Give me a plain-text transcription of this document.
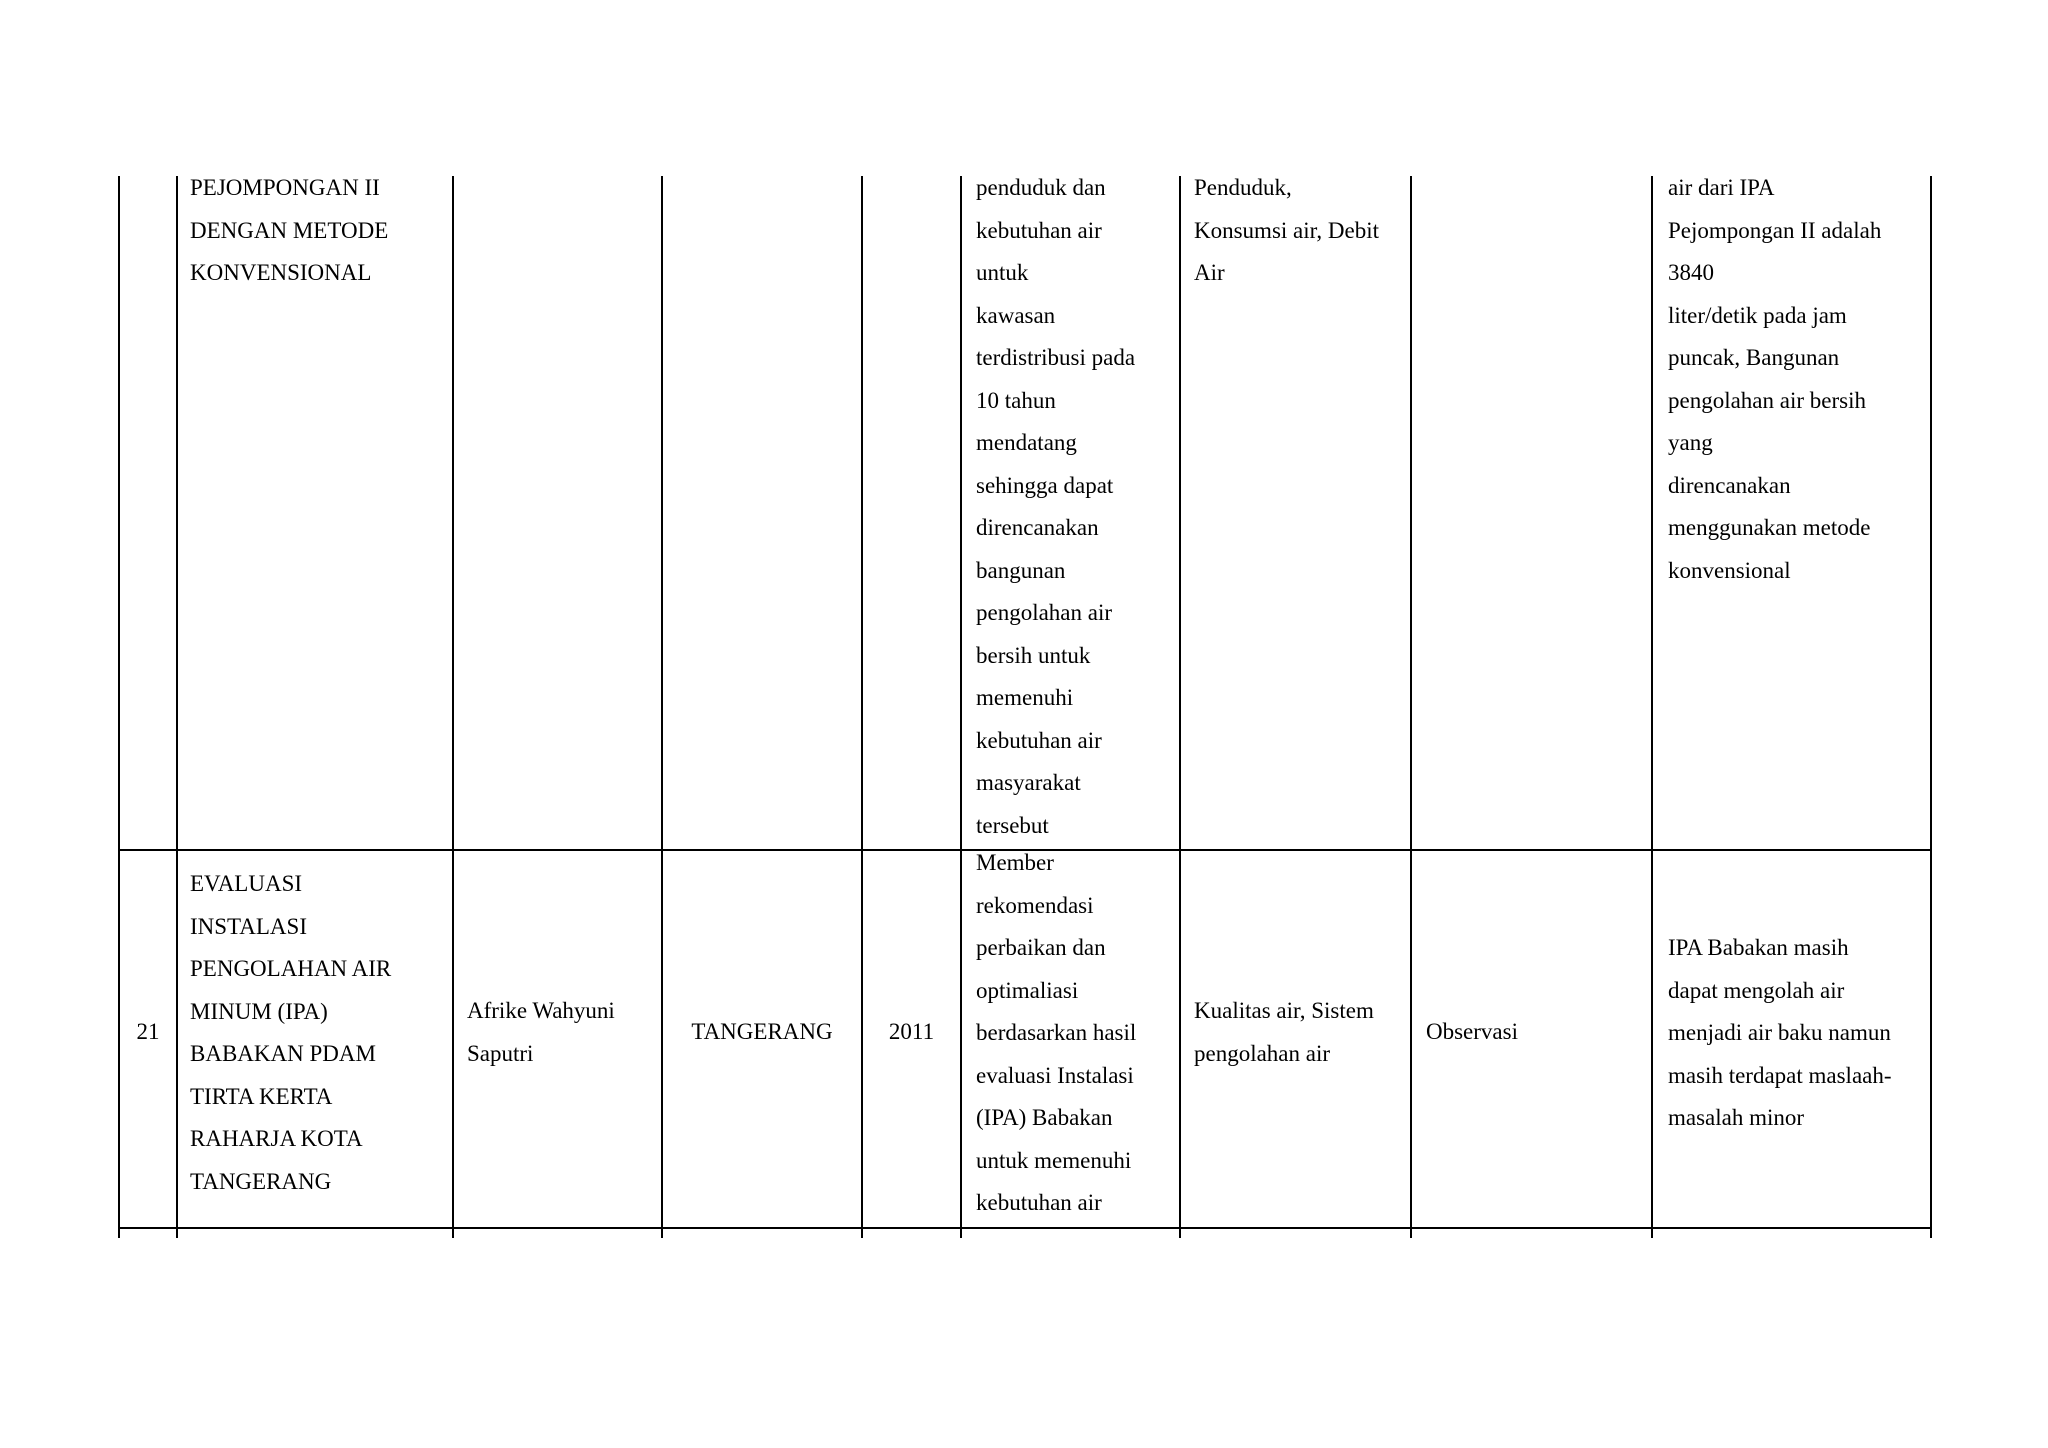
PEJOMPONGAN II
DENGAN METODE
KONVENSIONAL
penduduk dan
kebutuhan air
untuk
kawasan
terdistribusi pada
10 tahun
mendatang
sehingga dapat
direncanakan
bangunan
pengolahan air
bersih untuk
memenuhi
kebutuhan air
masyarakat
tersebut
Penduduk,
Konsumsi air, Debit
Air
air dari IPA
Pejompongan II adalah
3840
liter/detik pada jam
puncak, Bangunan
pengolahan air bersih
yang
direncanakan
menggunakan metode
konvensional
21
EVALUASI
INSTALASI
PENGOLAHAN AIR
MINUM (IPA)
BABAKAN PDAM
TIRTA KERTA
RAHARJA KOTA
TANGERANG
Afrike Wahyuni
Saputri
TANGERANG	2011
Member
rekomendasi
perbaikan dan
optimaliasi
berdasarkan hasil
evaluasi Instalasi
(IPA) Babakan
untuk memenuhi
kebutuhan air
Kualitas air, Sistem
pengolahan air
Observasi
IPA Babakan masih
dapat mengolah air
menjadi air baku namun
masih terdapat maslaah-
masalah minor
